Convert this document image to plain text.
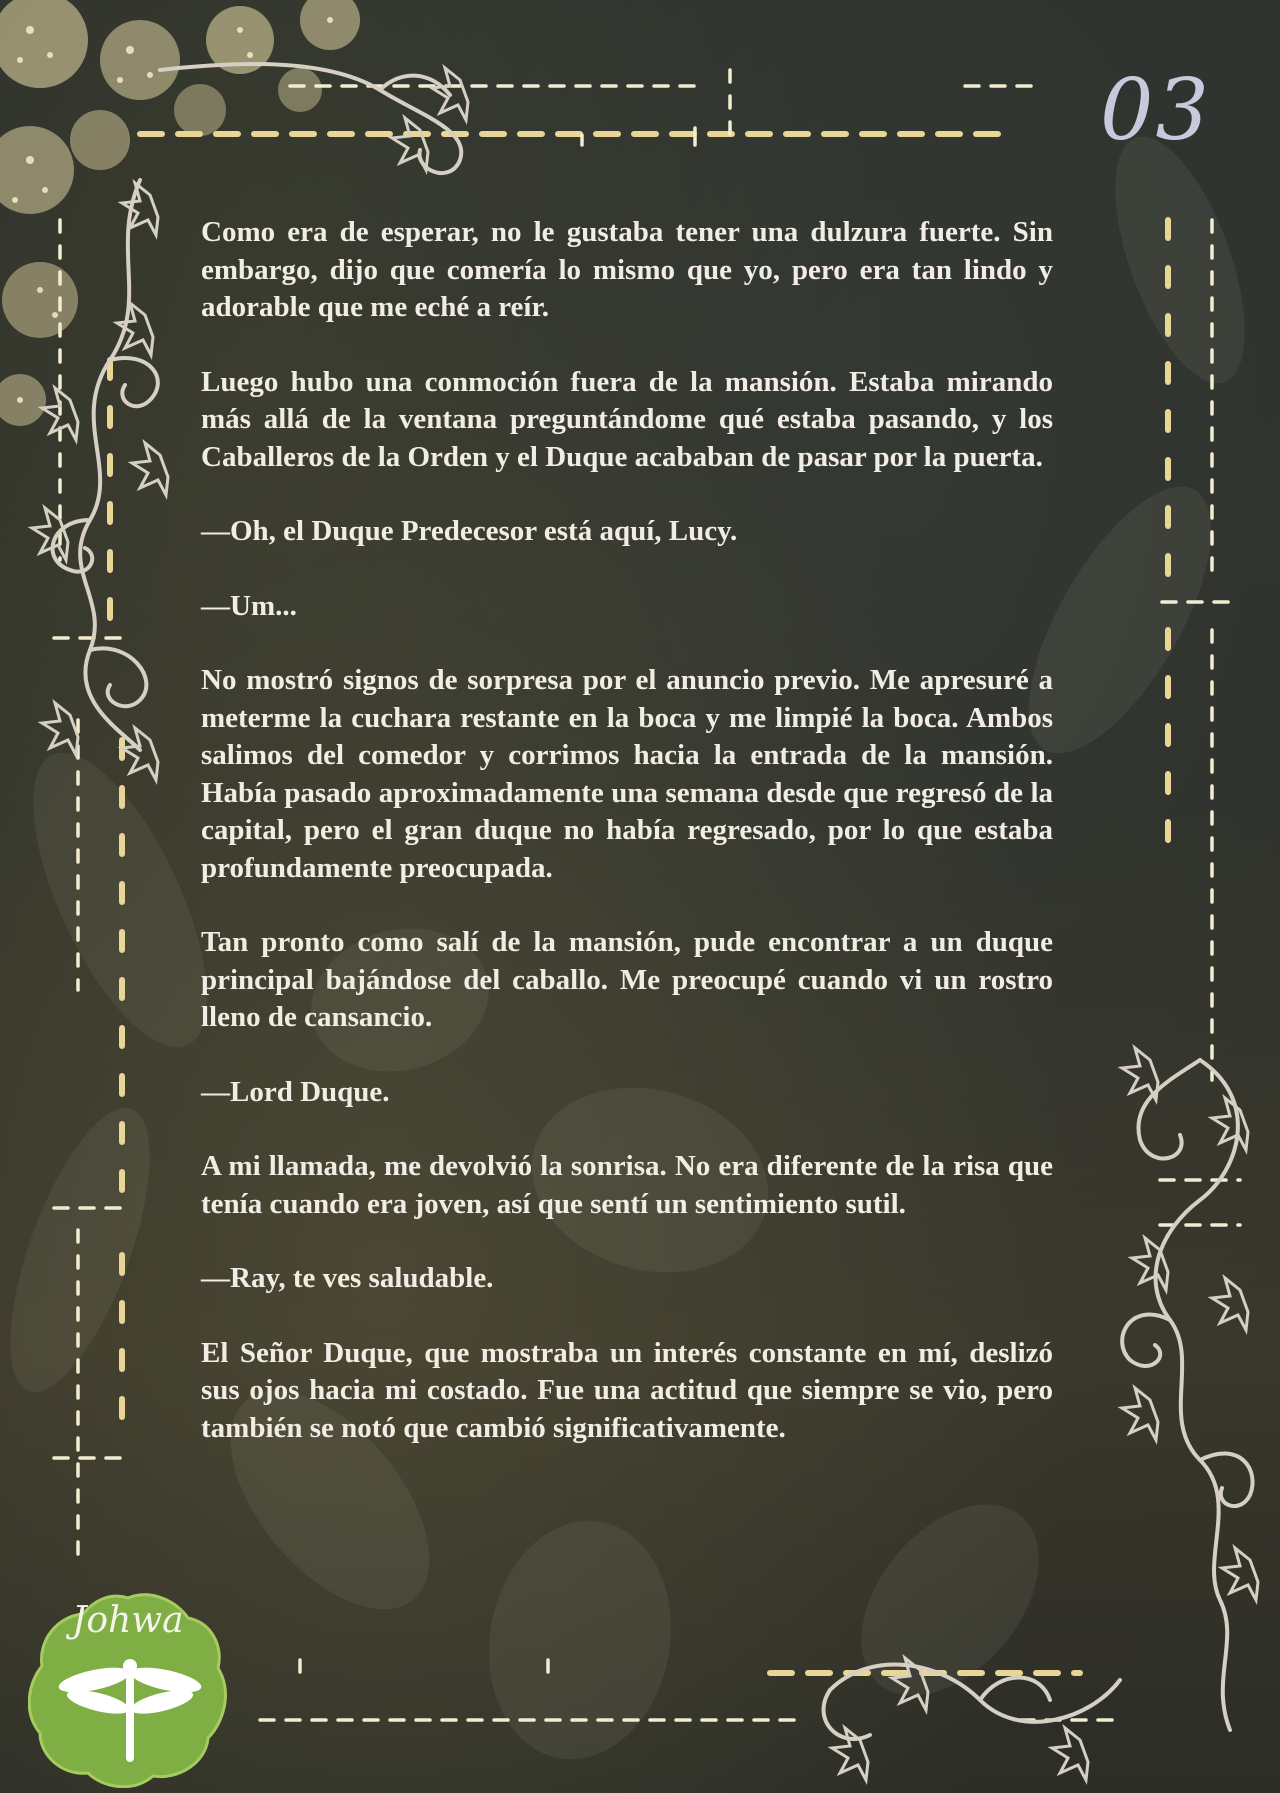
03

Como era de esperar, no le gustaba tener una dulzura fuerte. Sin embargo, dijo que comería lo mismo que yo, pero era tan lindo y adorable que me eché a reír.

Luego hubo una conmoción fuera de la mansión. Estaba mirando más allá de la ventana preguntándome qué estaba pasando, y los Caballeros de la Orden y el Duque acababan de pasar por la puerta.

—Oh, el Duque Predecesor está aquí, Lucy.

—Um...

No mostró signos de sorpresa por el anuncio previo. Me apresuré a meterme la cuchara restante en la boca y me limpié la boca. Ambos salimos del comedor y corrimos hacia la entrada de la mansión. Había pasado aproximadamente una semana desde que regresó de la capital, pero el gran duque no había regresado, por lo que estaba profundamente preocupada.

Tan pronto como salí de la mansión, pude encontrar a un duque principal bajándose del caballo. Me preocupé cuando vi un rostro lleno de cansancio.

—Lord Duque.

A mi llamada, me devolvió la sonrisa. No era diferente de la risa que tenía cuando era joven, así que sentí un sentimiento sutil.

—Ray, te ves saludable.

El Señor Duque, que mostraba un interés constante en mí, deslizó sus ojos hacia mi costado. Fue una actitud que siempre se vio, pero también se notó que cambió significativamente.

Johwa
